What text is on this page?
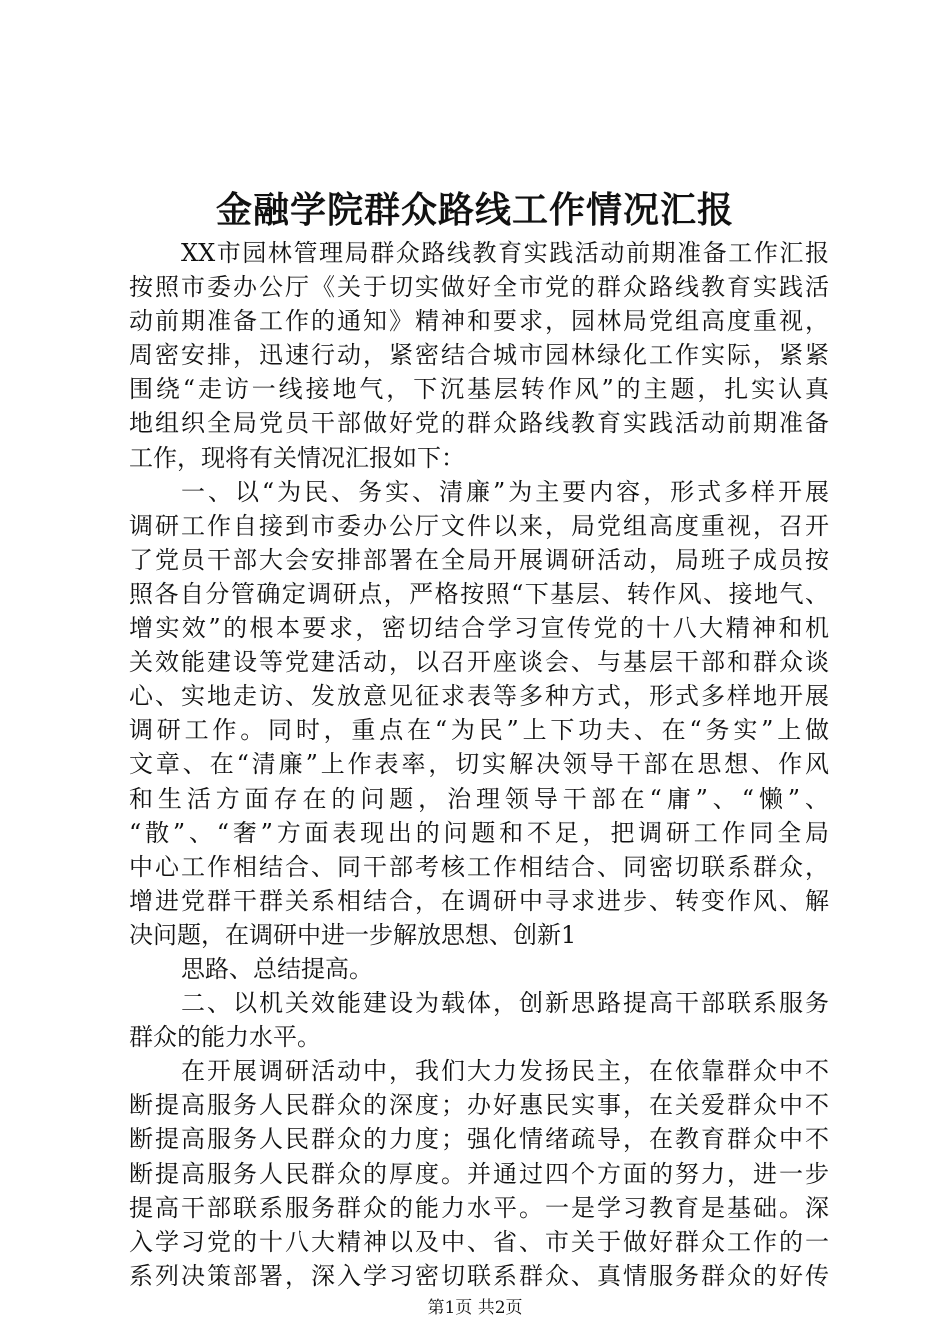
金融学院群众路线工作情况汇报
XX市园林管理局群众路线教育实践活动前期准备工作汇报
按照市委办公厅《关于切实做好全市党的群众路线教育实践活
动前期准备工作的通知》精神和要求，园林局党组高度重视，
周密安排，迅速行动，紧密结合城市园林绿化工作实际，紧紧
围绕“走访一线接地气，下沉基层转作风”的主题，扎实认真
地组织全局党员干部做好党的群众路线教育实践活动前期准备
工作，现将有关情况汇报如下：
一、以“为民、务实、清廉”为主要内容，形式多样开展
调研工作自接到市委办公厅文件以来，局党组高度重视，召开
了党员干部大会安排部署在全局开展调研活动，局班子成员按
照各自分管确定调研点，严格按照“下基层、转作风、接地气、
增实效”的根本要求，密切结合学习宣传党的十八大精神和机
关效能建设等党建活动，以召开座谈会、与基层干部和群众谈
心、实地走访、发放意见征求表等多种方式，形式多样地开展
调研工作。同时，重点在“为民”上下功夫、在“务实”上做
文章、在“清廉”上作表率，切实解决领导干部在思想、作风
和生活方面存在的问题，治理领导干部在“庸”、“懒”、
“散”、“奢”方面表现出的问题和不足，把调研工作同全局
中心工作相结合、同干部考核工作相结合、同密切联系群众，
增进党群干群关系相结合，在调研中寻求进步、转变作风、解
决问题，在调研中进一步解放思想、创新1
思路、总结提高。
二、以机关效能建设为载体，创新思路提高干部联系服务
群众的能力水平。
在开展调研活动中，我们大力发扬民主，在依靠群众中不
断提高服务人民群众的深度；办好惠民实事，在关爱群众中不
断提高服务人民群众的力度；强化情绪疏导，在教育群众中不
断提高服务人民群众的厚度。并通过四个方面的努力，进一步
提高干部联系服务群众的能力水平。一是学习教育是基础。深
入学习党的十八大精神以及中、省、市关于做好群众工作的一
系列决策部署，深入学习密切联系群众、真情服务群众的好传
第1页 共2页
